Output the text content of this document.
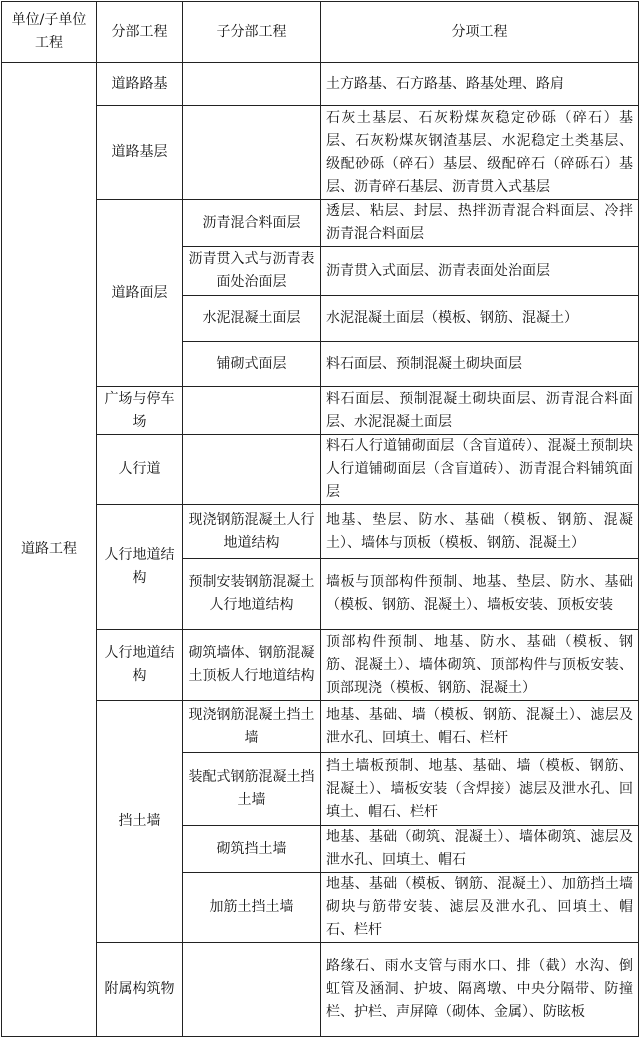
单位/子单位工程	分部工程	子分部工程	分项工程
道路工程	道路路基		土方路基、石方路基、路基处理、路肩
	道路基层		石灰土基层、石灰粉煤灰稳定砂砾（碎石）基层、石灰粉煤灰钢渣基层、水泥稳定土类基层、级配砂砾（碎石）基层、级配碎石（碎砾石）基层、沥青碎石基层、沥青贯入式基层
	道路面层	沥青混合料面层	透层、粘层、封层、热拌沥青混合料面层、冷拌沥青混合料面层
		沥青贯入式与沥青表面处治面层	沥青贯入式面层、沥青表面处治面层
		水泥混凝土面层	水泥混凝土面层（模板、钢筋、混凝土）
		铺砌式面层	料石面层、预制混凝土砌块面层
	广场与停车场		料石面层、预制混凝土砌块面层、沥青混合料面层、水泥混凝土面层
	人行道		料石人行道铺砌面层（含盲道砖）、混凝土预制块人行道铺砌面层（含盲道砖）、沥青混合料铺筑面层
	人行地道结构	现浇钢筋混凝土人行地道结构	地基、垫层、防水、基础（模板、钢筋、混凝土）、墙体与顶板（模板、钢筋、混凝土）
		预制安装钢筋混凝土人行地道结构	墙板与顶部构件预制、地基、垫层、防水、基础（模板、钢筋、混凝土）、墙板安装、顶板安装
	人行地道结构	砌筑墙体、钢筋混凝土顶板人行地道结构	顶部构件预制、地基、防水、基础（模板、钢筋、混凝土）、墙体砌筑、顶部构件与顶板安装、顶部现浇（模板、钢筋、混凝土）
	挡土墙	现浇钢筋混凝土挡土墙	地基、基础、墙（模板、钢筋、混凝土）、滤层及泄水孔、回填土、帽石、栏杆
		装配式钢筋混凝土挡土墙	挡土墙板预制、地基、基础、墙（模板、钢筋、混凝土）、墙板安装（含焊接）滤层及泄水孔、回填土、帽石、栏杆
		砌筑挡土墙	地基、基础（砌筑、混凝土）、墙体砌筑、滤层及泄水孔、回填土、帽石
		加筋土挡土墙	地基、基础（模板、钢筋、混凝土）、加筋挡土墙砌块与筋带安装、滤层及泄水孔、回填土、帽石、栏杆
	附属构筑物		路缘石、雨水支管与雨水口、排（截）水沟、倒虹管及涵洞、护坡、隔离墩、中央分隔带、防撞栏、护栏、声屏障（砌体、金属）、防眩板
